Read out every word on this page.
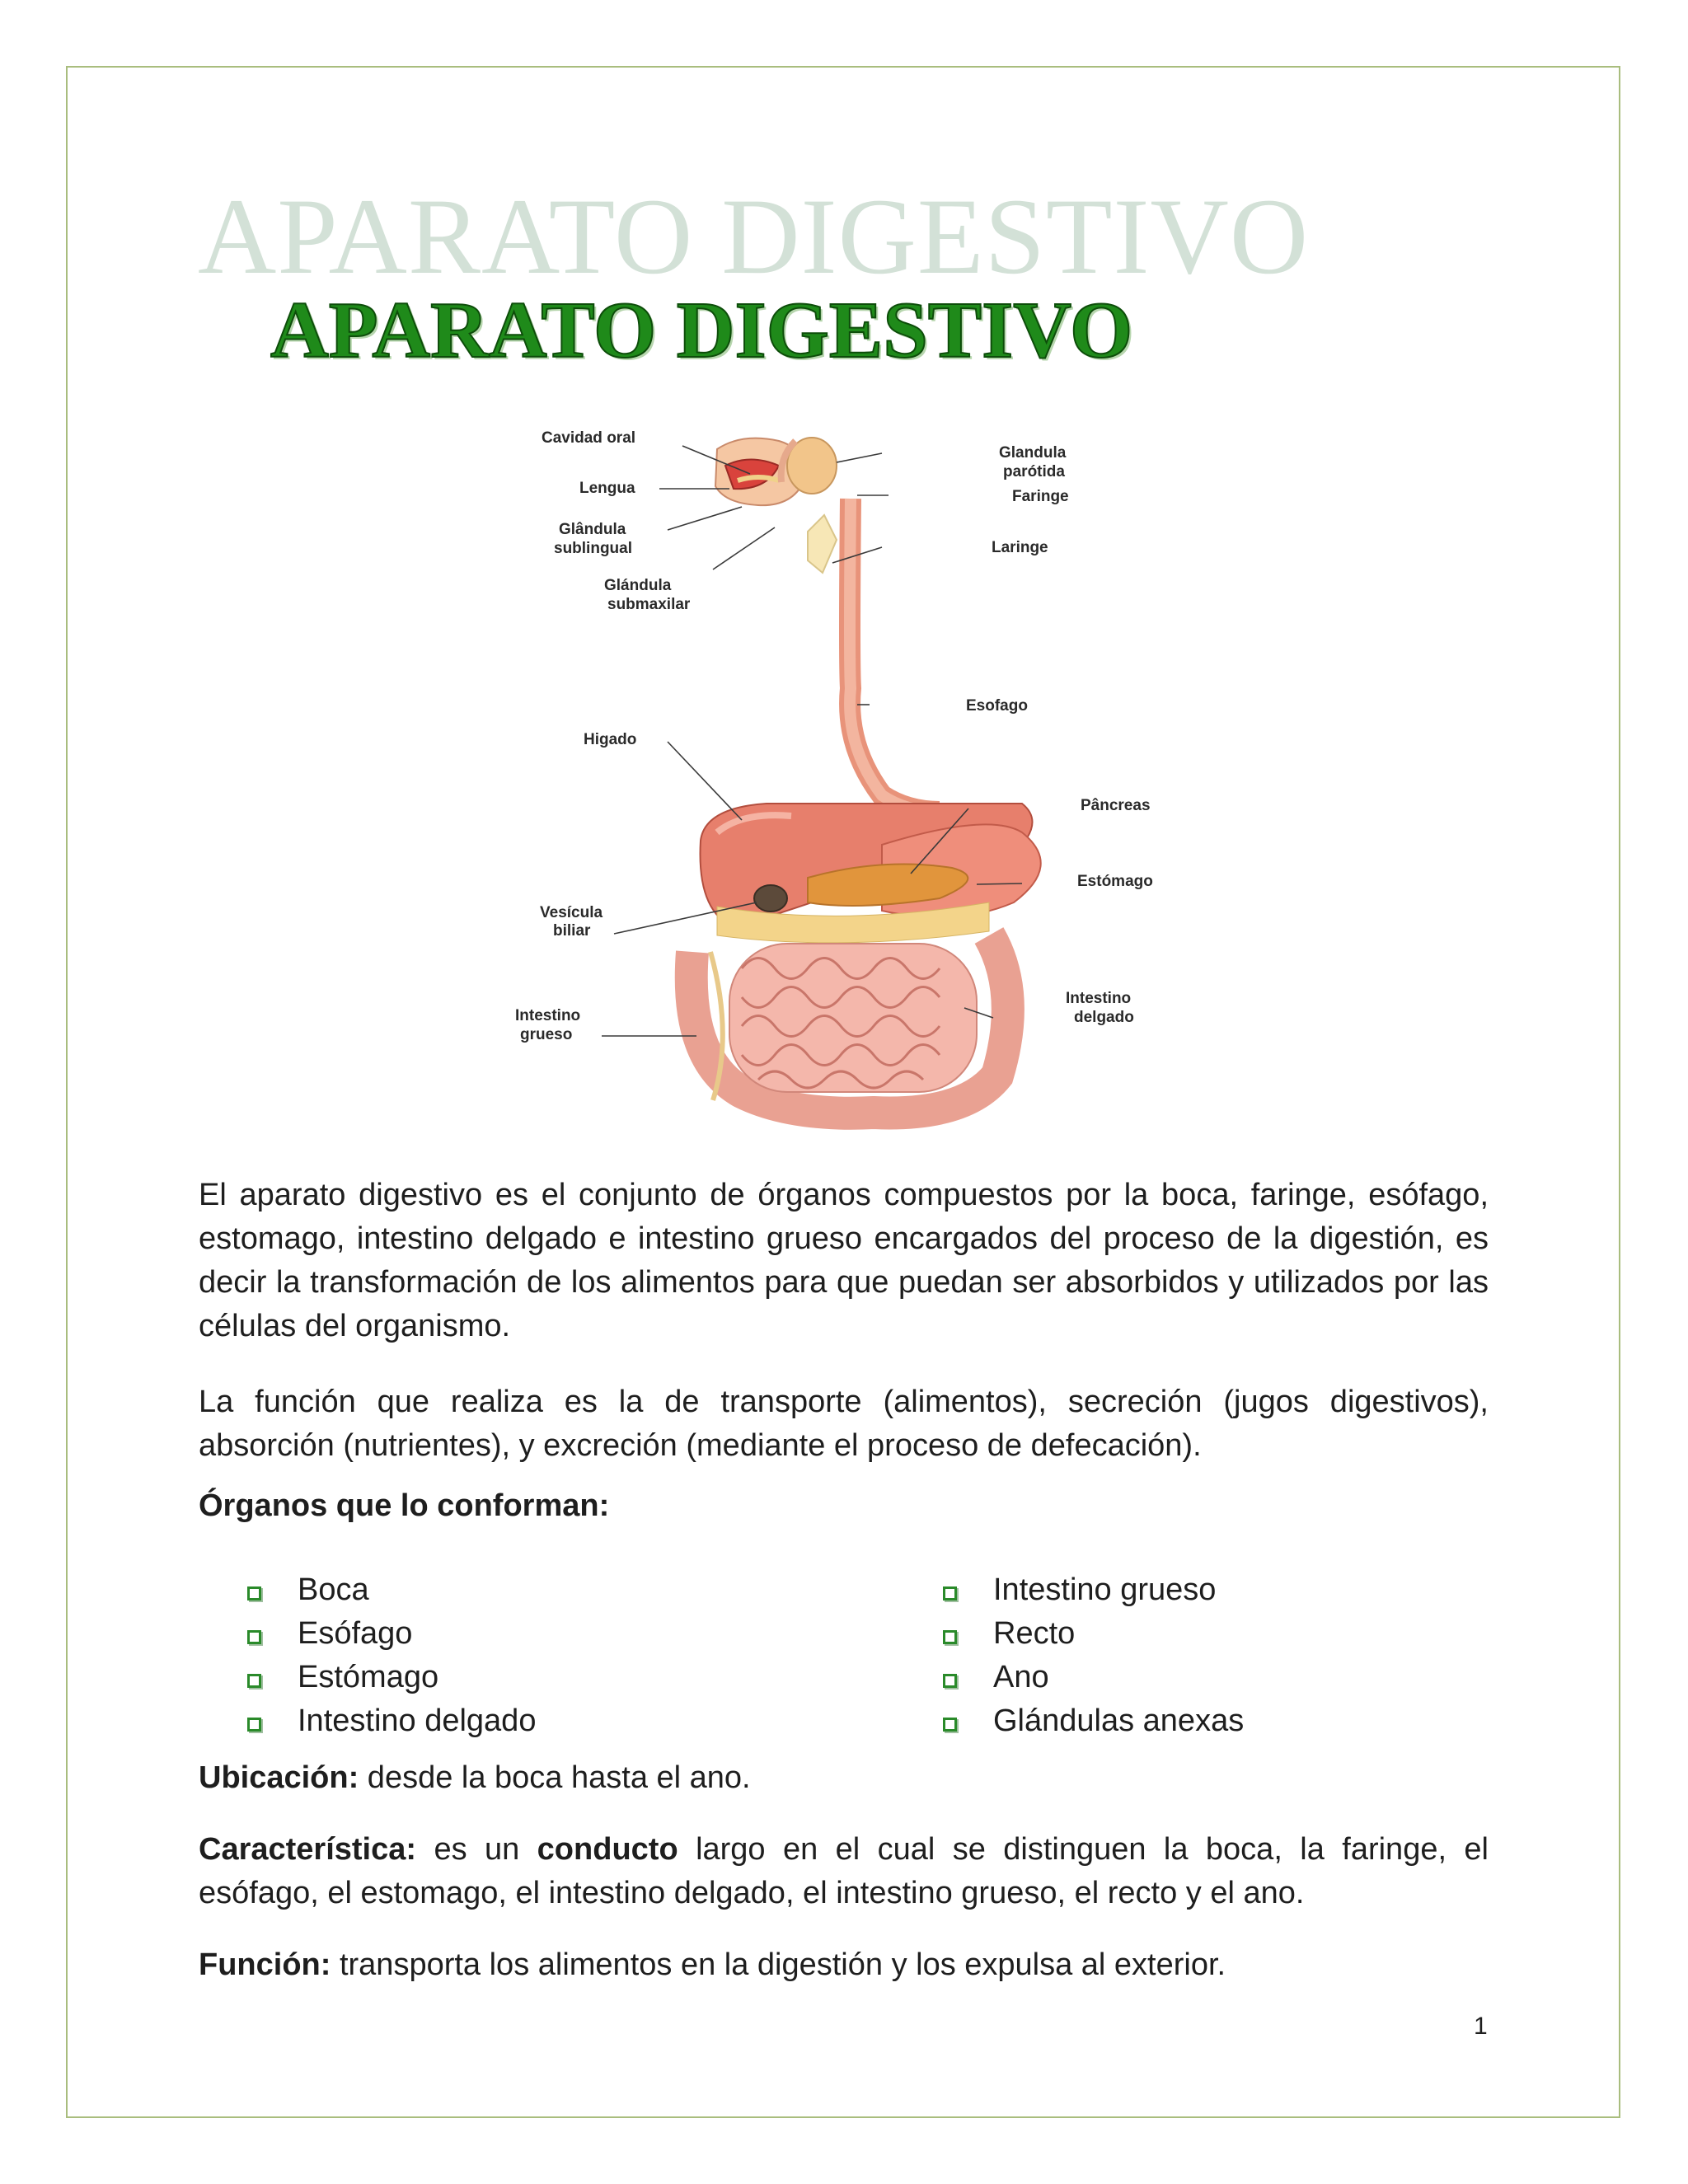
APARATO DIGESTIVO
APARATO DIGESTIVO
Cavidad oral
Lengua
Glândula
sublingual
Glándula
submaxilar
Glandula
parótida
Faringe
Laringe
Esofago
Higado
Pâncreas
Estómago
Vesícula
biliar
Intestino
grueso
Intestino
delgado

El aparato digestivo es el conjunto de órganos compuestos por la boca, faringe, esófago, estomago, intestino delgado e intestino grueso encargados del proceso de la digestión, es decir la transformación de los alimentos para que puedan ser absorbidos y utilizados por las células del organismo.

La función que realiza es la de transporte (alimentos), secreción (jugos digestivos), absorción (nutrientes), y excreción (mediante el proceso de defecación).

Órganos que lo conforman:

Boca
Esófago
Estómago
Intestino delgado
Intestino grueso
Recto
Ano
Glándulas anexas

Ubicación: desde la boca hasta el ano.

Característica: es un conducto largo en el cual se distinguen la boca, la faringe, el esófago, el estomago, el intestino delgado, el intestino grueso, el recto y el ano.

Función: transporta los alimentos en la digestión y los expulsa al exterior.

1
